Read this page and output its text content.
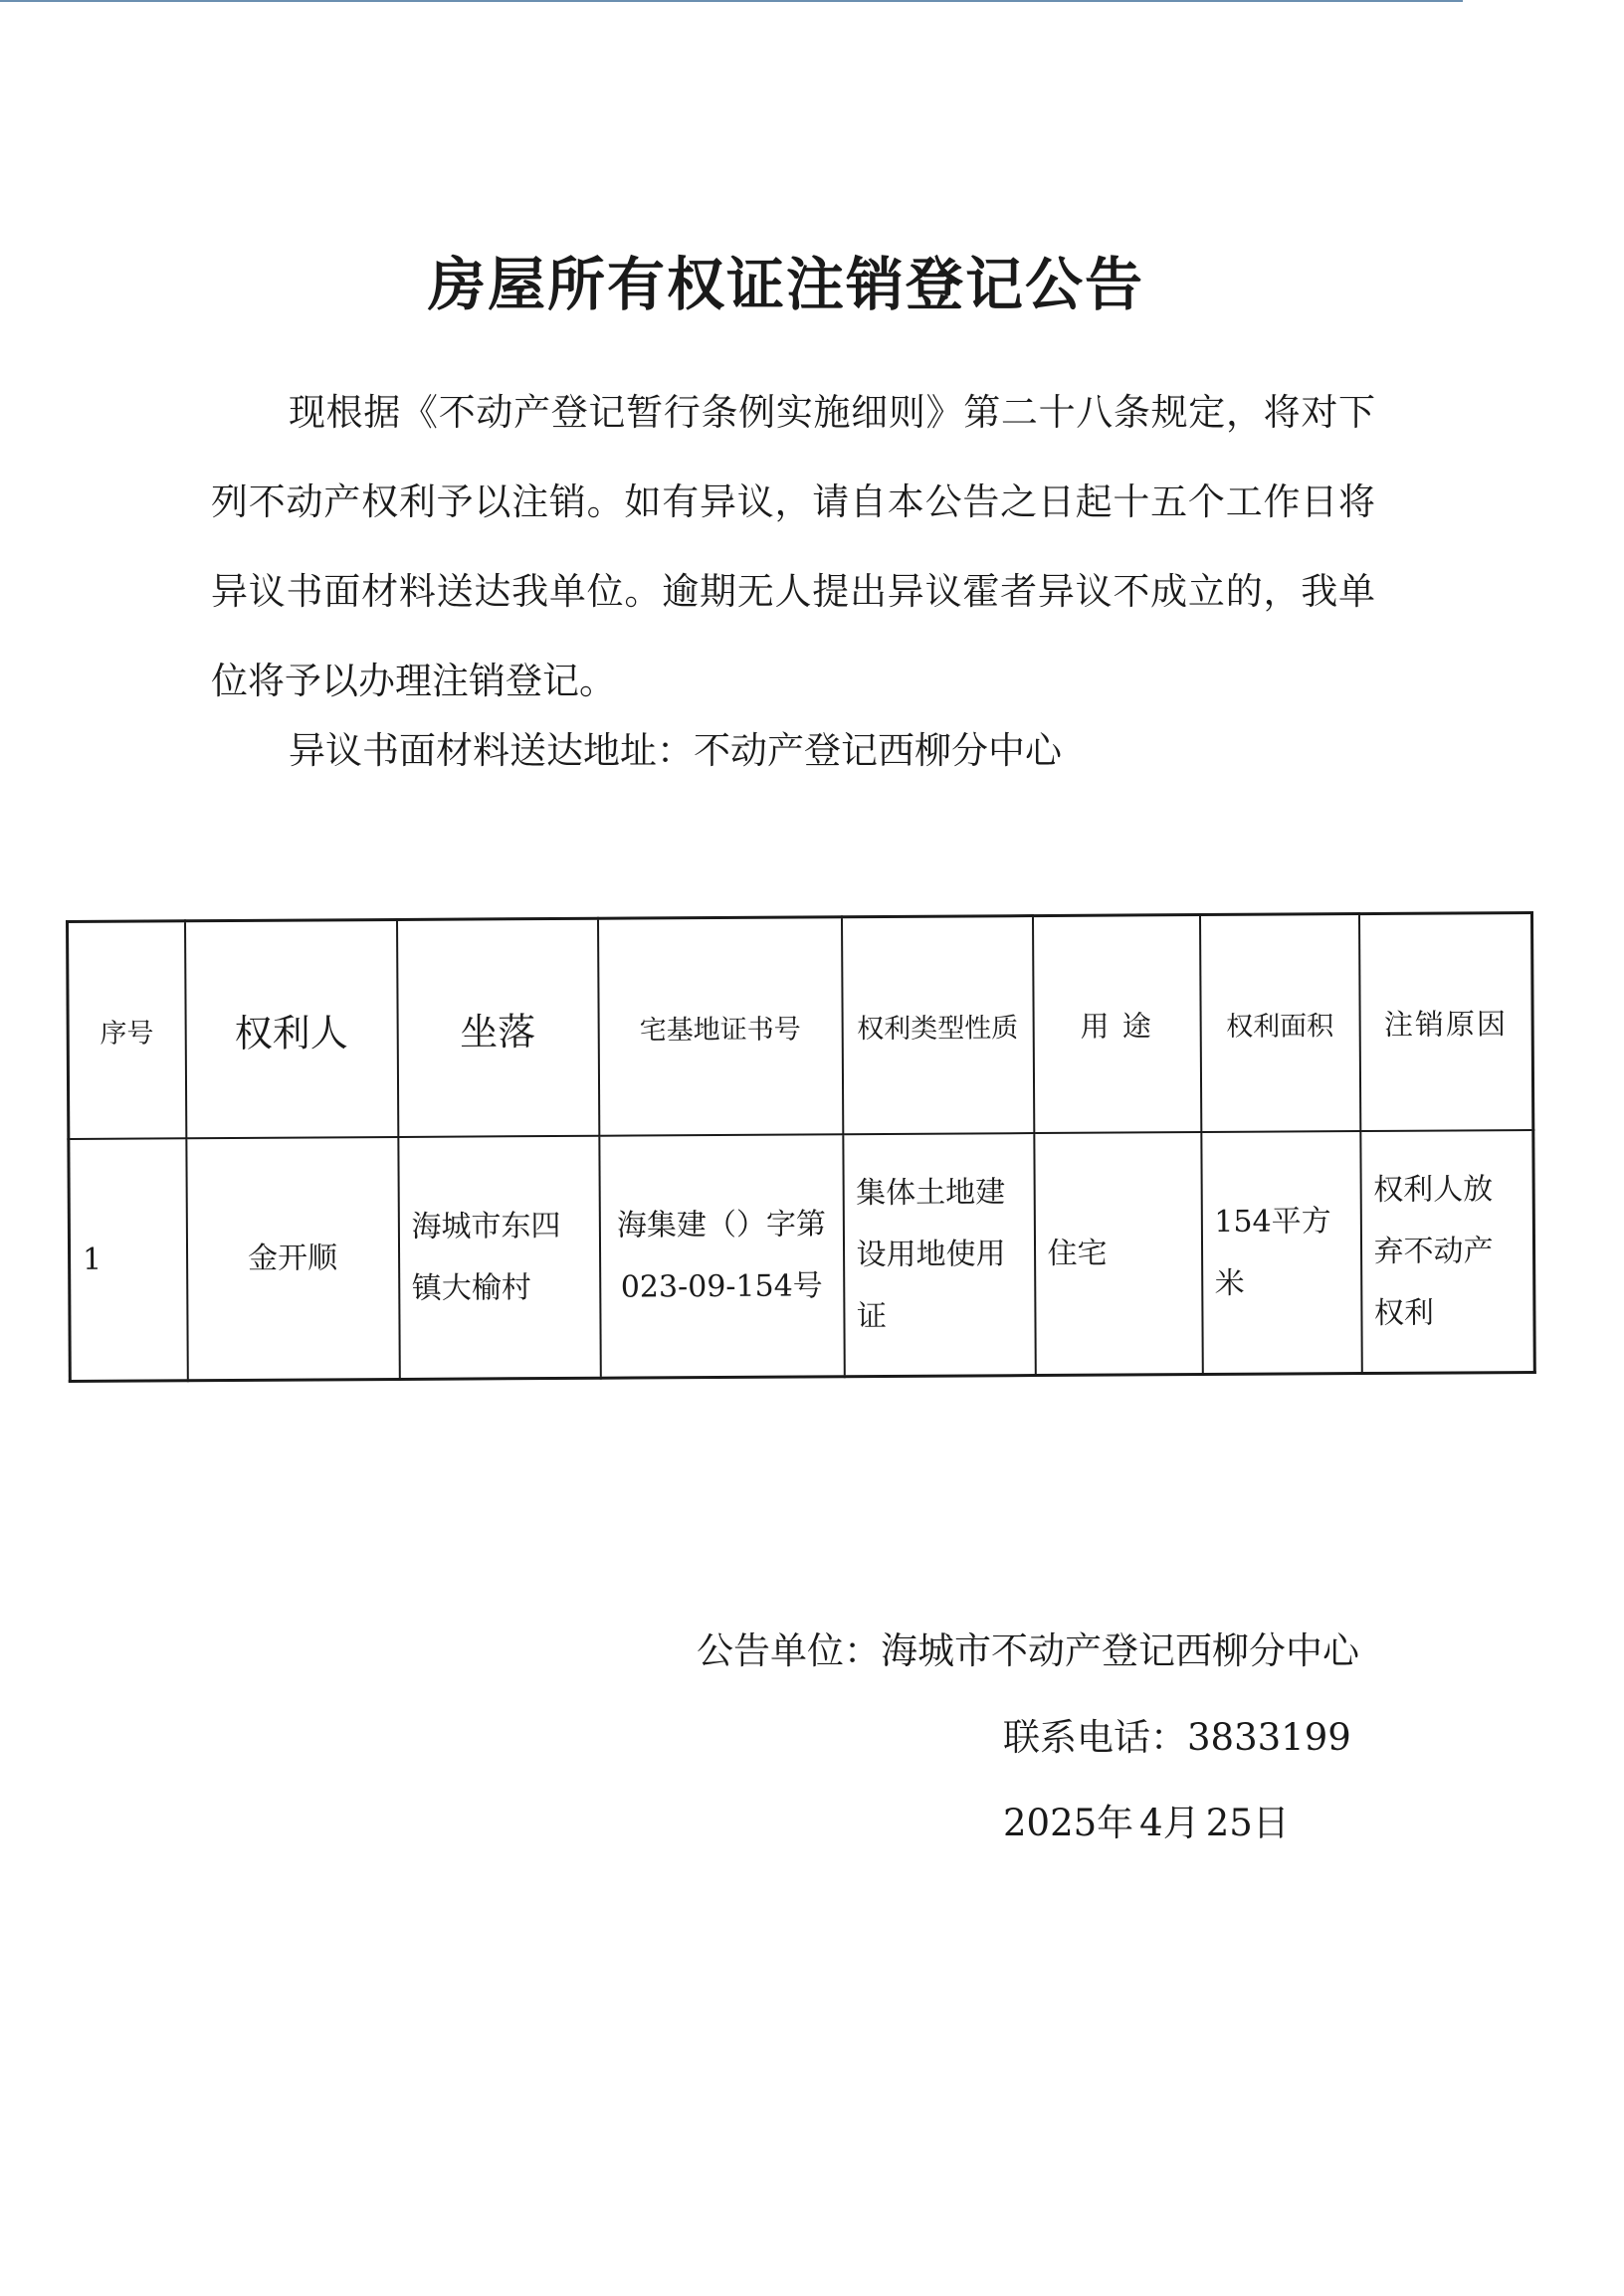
房屋所有权证注销登记公告

现根据《不动产登记暂行条例实施细则》第二十八条规定，将对下列不动产权利予以注销。如有异议，请自本公告之日起十五个工作日将异议书面材料送达我单位。逾期无人提出异议霍者异议不成立的，我单位将予以办理注销登记。

异议书面材料送达地址：不动产登记西柳分中心

序号	权利人	坐落	宅基地证书号	权利类型性质	用 途	权利面积	注销原因
1	金开顺	海城市东四镇大榆村	海集建（）字第023-09-154号	集体土地建设用地使用证	住宅	154平方米	权利人放弃不动产权利

公告单位：海城市不动产登记西柳分中心

联系电话：3833199

2025年 4月 25日
